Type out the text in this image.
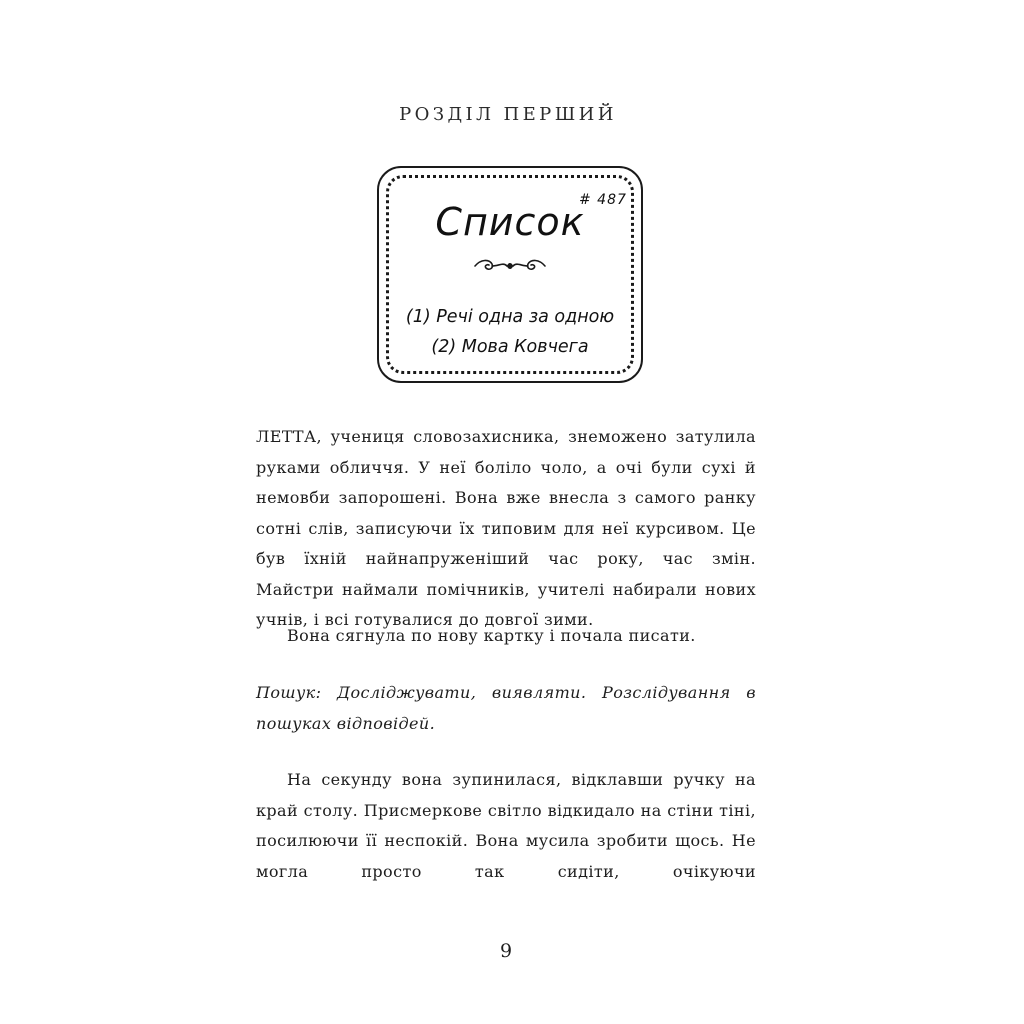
РОЗДІЛ ПЕРШИЙ
Список
# 487
(1) Речі одна за одною
(2) Мова Ковчега

ЛЕТТА, учениця словозахисника, знеможено затулила руками обличчя. У неї боліло чоло, а очі були сухі й немовби запорошені. Вона вже внесла з самого ранку сотні слів, записуючи їх типовим для неї курсивом. Це був їхній найнапруженіший час року, час змін. Майстри наймали помічників, учителі набирали нових учнів, і всі готувалися до довгої зими.

Вона сягнула по нову картку і почала писати.

Пошук: Досліджувати, виявляти. Розслідування в пошуках відповідей.

На секунду вона зупинилася, відклавши ручку на край столу. Присмеркове світло відкидало на стіни тіні, посилюючи її неспокій. Вона мусила зробити щось. Не могла просто так сидіти, очікуючи

9
